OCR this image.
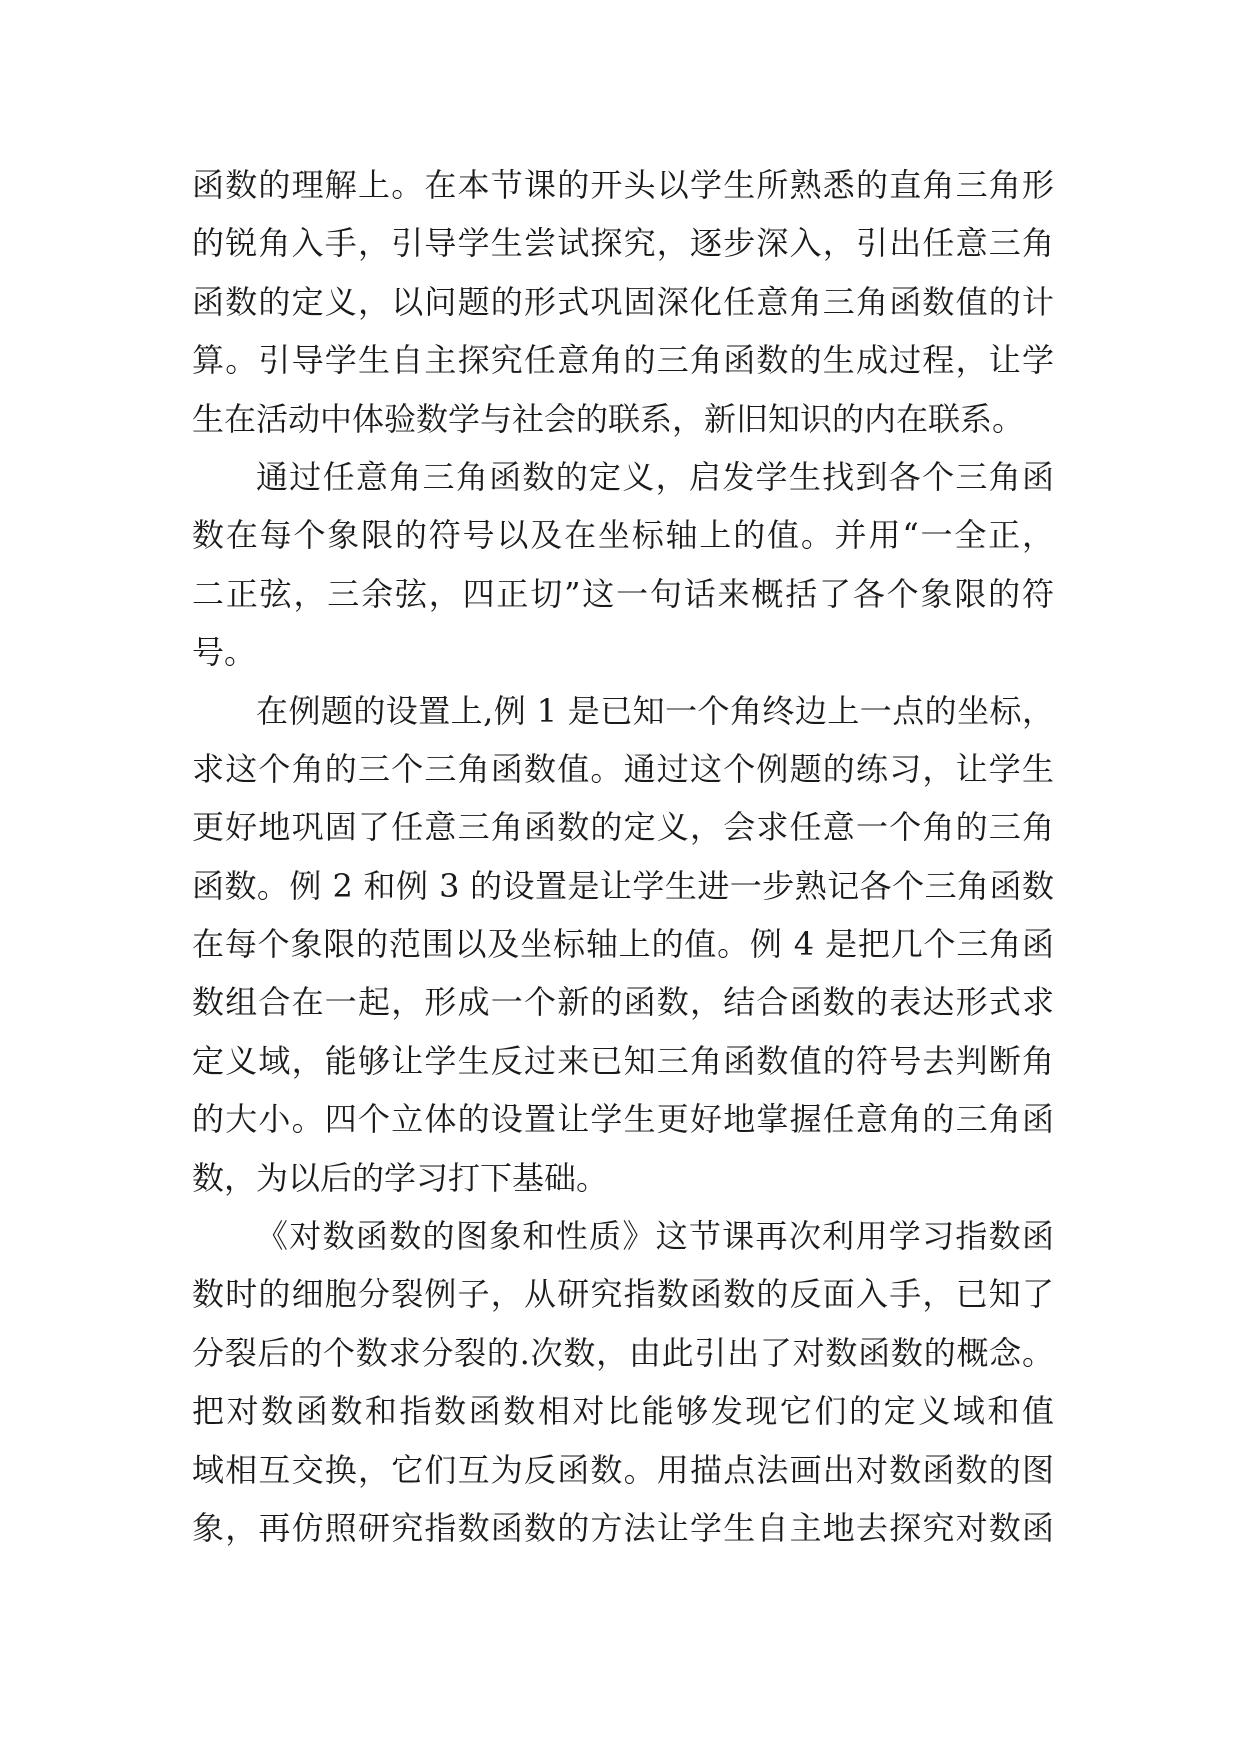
函数的理解上。在本节课的开头以学生所熟悉的直角三角形
的锐角入手，引导学生尝试探究，逐步深入，引出任意三角
函数的定义，以问题的形式巩固深化任意角三角函数值的计
算。引导学生自主探究任意角的三角函数的生成过程，让学
生在活动中体验数学与社会的联系，新旧知识的内在联系。
通过任意角三角函数的定义，启发学生找到各个三角函
数在每个象限的符号以及在坐标轴上的值。并用“一全正，
二正弦，三余弦，四正切”这一句话来概括了各个象限的符
号。
在例题的设置上,例 1 是已知一个角终边上一点的坐标，
求这个角的三个三角函数值。通过这个例题的练习，让学生
更好地巩固了任意三角函数的定义，会求任意一个角的三角
函数。例 2 和例 3 的设置是让学生进一步熟记各个三角函数
在每个象限的范围以及坐标轴上的值。例 4 是把几个三角函
数组合在一起，形成一个新的函数，结合函数的表达形式求
定义域，能够让学生反过来已知三角函数值的符号去判断角
的大小。四个立体的设置让学生更好地掌握任意角的三角函
数，为以后的学习打下基础。
《对数函数的图象和性质》这节课再次利用学习指数函
数时的细胞分裂例子，从研究指数函数的反面入手，已知了
分裂后的个数求分裂的.次数，由此引出了对数函数的概念。
把对数函数和指数函数相对比能够发现它们的定义域和值
域相互交换，它们互为反函数。用描点法画出对数函数的图
象，再仿照研究指数函数的方法让学生自主地去探究对数函
